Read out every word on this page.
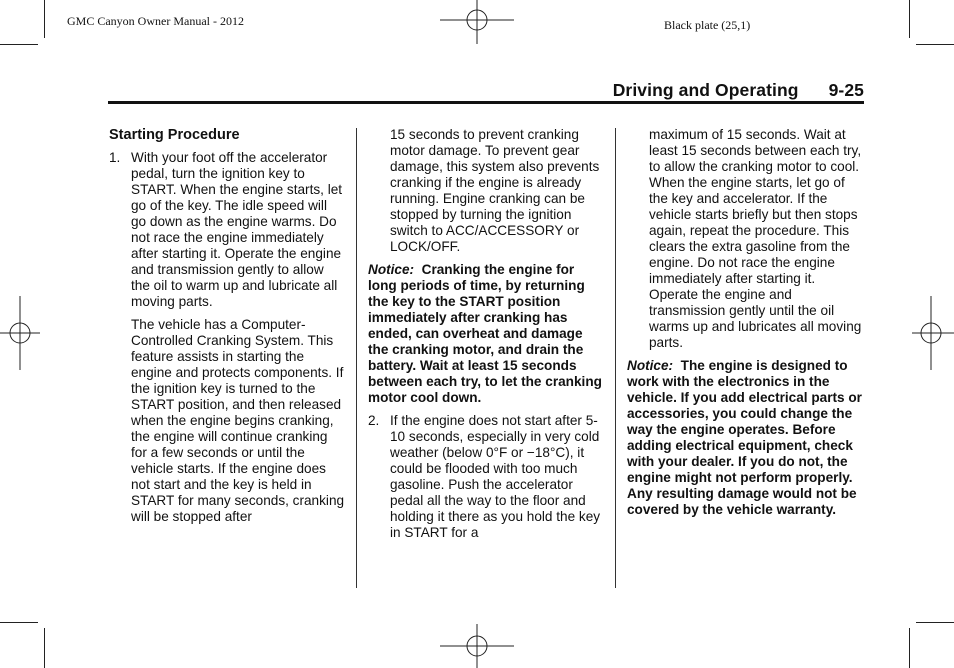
GMC Canyon Owner Manual - 2012	Black plate (25,1)
Driving and Operating 9-25

Starting Procedure

1. With your foot off the accelerator pedal, turn the ignition key to START. When the engine starts, let go of the key. The idle speed will go down as the engine warms. Do not race the engine immediately after starting it. Operate the engine and transmission gently to allow the oil to warm up and lubricate all moving parts.

The vehicle has a Computer-Controlled Cranking System. This feature assists in starting the engine and protects components. If the ignition key is turned to the START position, and then released when the engine begins cranking, the engine will continue cranking for a few seconds or until the vehicle starts. If the engine does not start and the key is held in START for many seconds, cranking will be stopped after

15 seconds to prevent cranking motor damage. To prevent gear damage, this system also prevents cranking if the engine is already running. Engine cranking can be stopped by turning the ignition switch to ACC/ACCESSORY or LOCK/OFF.

Notice: Cranking the engine for long periods of time, by returning the key to the START position immediately after cranking has ended, can overheat and damage the cranking motor, and drain the battery. Wait at least 15 seconds between each try, to let the cranking motor cool down.

2. If the engine does not start after 5-10 seconds, especially in very cold weather (below 0°F or −18°C), it could be flooded with too much gasoline. Push the accelerator pedal all the way to the floor and holding it there as you hold the key in START for a

maximum of 15 seconds. Wait at least 15 seconds between each try, to allow the cranking motor to cool. When the engine starts, let go of the key and accelerator. If the vehicle starts briefly but then stops again, repeat the procedure. This clears the extra gasoline from the engine. Do not race the engine immediately after starting it. Operate the engine and transmission gently until the oil warms up and lubricates all moving parts.

Notice: The engine is designed to work with the electronics in the vehicle. If you add electrical parts or accessories, you could change the way the engine operates. Before adding electrical equipment, check with your dealer. If you do not, the engine might not perform properly. Any resulting damage would not be covered by the vehicle warranty.
